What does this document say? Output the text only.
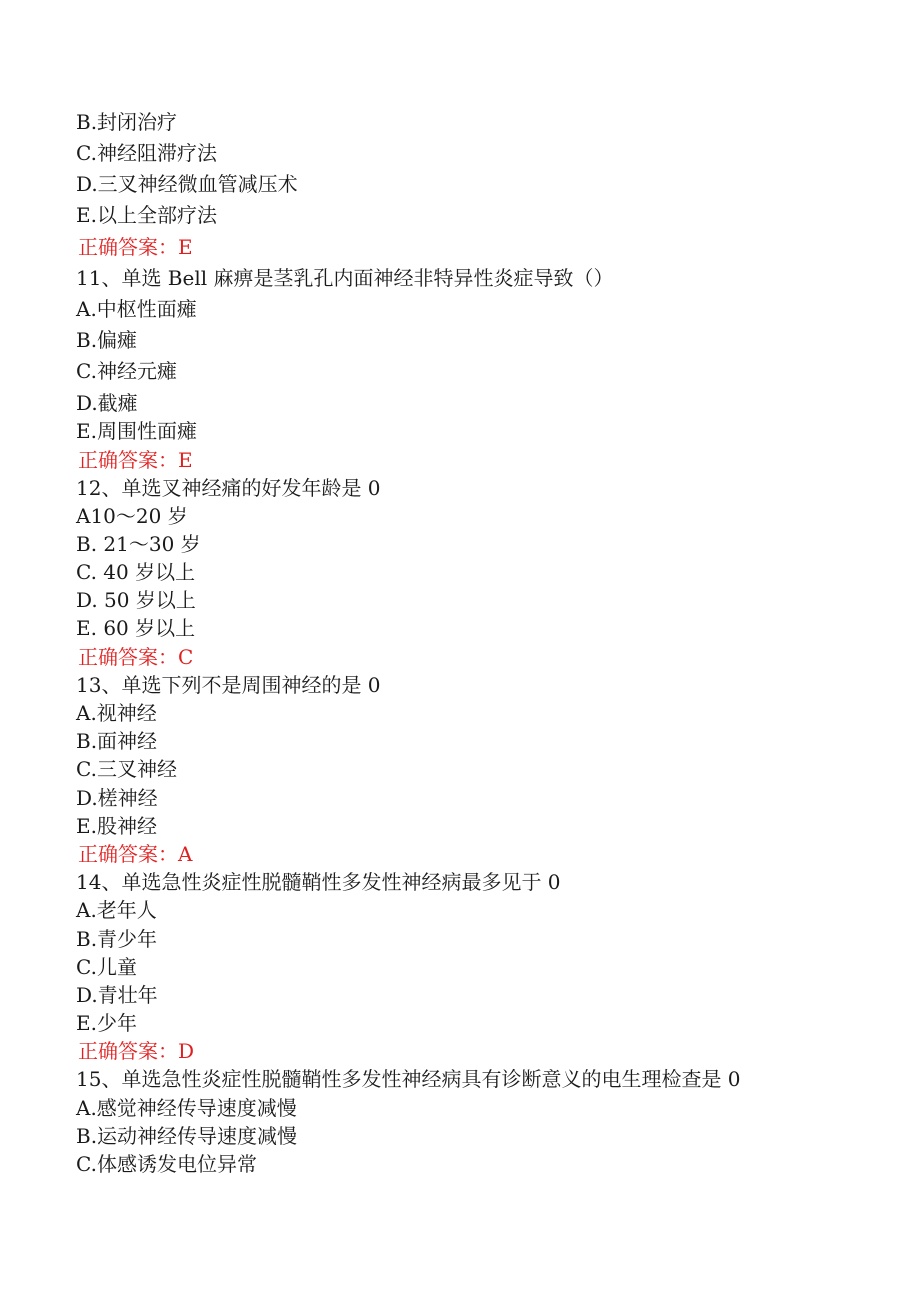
B.封闭治疗
C.神经阻滞疗法
D.三叉神经微血管减压术
E.以上全部疗法
正确答案：E
11、单选 Bell 麻痹是茎乳孔内面神经非特异性炎症导致（）
A.中枢性面瘫
B.偏瘫
C.神经元瘫
D.截瘫
E.周围性面瘫
正确答案：E
12、单选叉神经痛的好发年龄是 0
A10～20 岁
B. 21～30 岁
C. 40 岁以上
D. 50 岁以上
E. 60 岁以上
正确答案：C
13、单选下列不是周围神经的是 0
A.视神经
B.面神经
C.三叉神经
D.槎神经
E.股神经
正确答案：A
14、单选急性炎症性脱髓鞘性多发性神经病最多见于 0
A.老年人
B.青少年
C.儿童
D.青壮年
E.少年
正确答案：D
15、单选急性炎症性脱髓鞘性多发性神经病具有诊断意义的电生理检查是 0
A.感觉神经传导速度减慢
B.运动神经传导速度减慢
C.体感诱发电位异常
